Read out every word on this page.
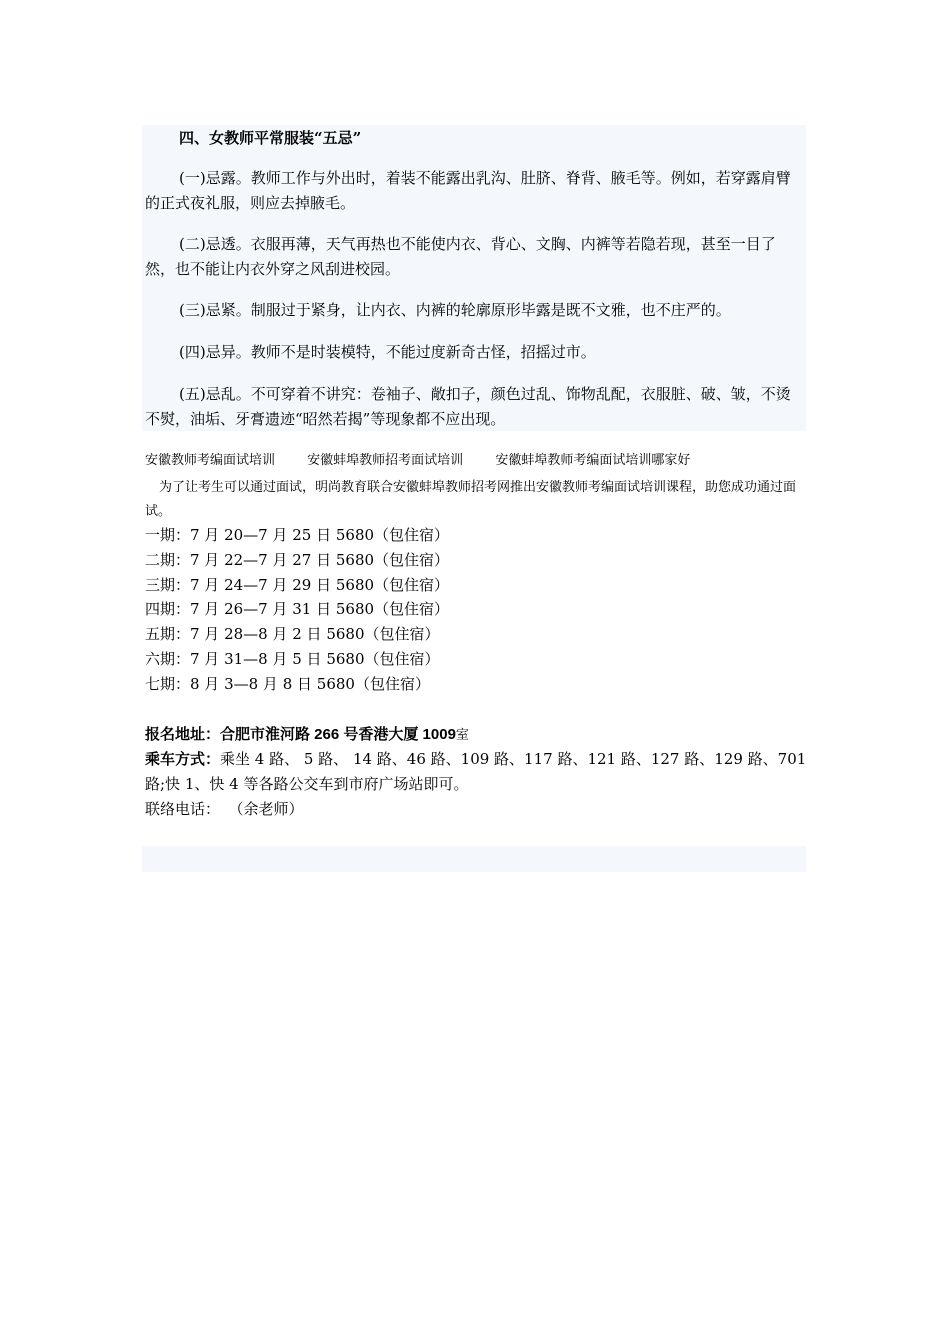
四、女教师平常服装“五忌”
(一)忌露。教师工作与外出时，着装不能露出乳沟、肚脐、脊背、腋毛等。例如，若穿露肩臂的正式夜礼服，则应去掉腋毛。
(二)忌透。衣服再薄，天气再热也不能使内衣、背心、文胸、内裤等若隐若现，甚至一目了然，也不能让内衣外穿之风刮进校园。
(三)忌紧。制服过于紧身，让内衣、内裤的轮廓原形毕露是既不文雅，也不庄严的。
(四)忌异。教师不是时装模特，不能过度新奇古怪，招摇过市。
(五)忌乱。不可穿着不讲究：卷袖子、敞扣子，颜色过乱、饰物乱配，衣服脏、破、皱，不烫不熨，油垢、牙膏遗迹“昭然若揭”等现象都不应出现。
安徽教师考编面试培训 安徽蚌埠教师招考面试培训 安徽蚌埠教师考编面试培训哪家好
为了让考生可以通过面试，明尚教育联合安徽蚌埠教师招考网推出安徽教师考编面试培训课程，助您成功通过面试。
一期：7 月 20—7 月 25 日 5680（包住宿）
二期：7 月 22—7 月 27 日 5680（包住宿）
三期：7 月 24—7 月 29 日 5680（包住宿）
四期：7 月 26—7 月 31 日 5680（包住宿）
五期：7 月 28—8 月 2 日 5680（包住宿）
六期：7 月 31—8 月 5 日 5680（包住宿）
七期：8 月 3—8 月 8 日 5680（包住宿）
报名地址：合肥市淮河路 266 号香港大厦 1009室
乘车方式：乘坐 4 路、 5 路、 14 路、46 路、109 路、117 路、121 路、127 路、129 路、701 路;快 1、快 4 等各路公交车到市府广场站即可。
联络电话： （余老师）
